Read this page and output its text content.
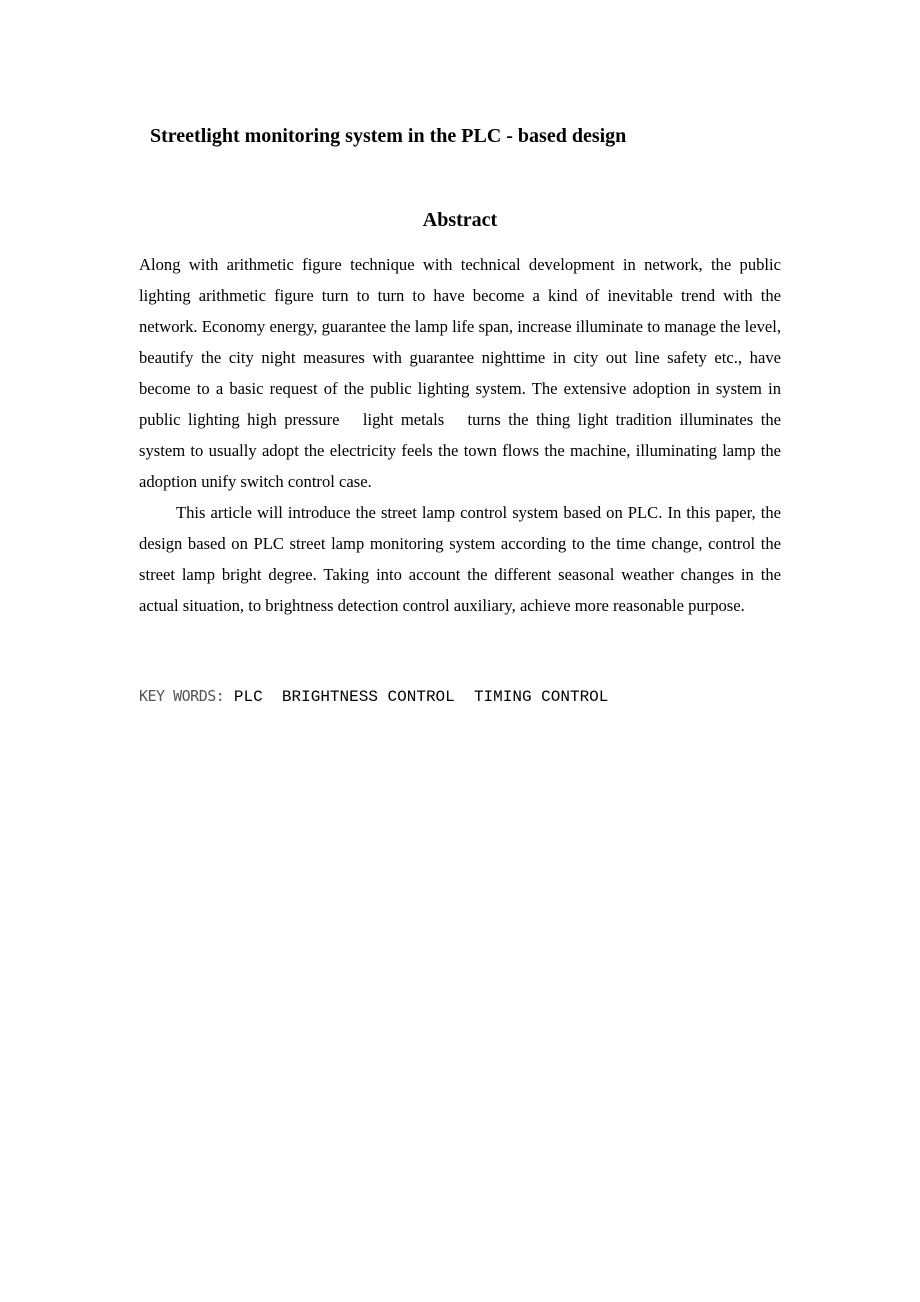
Streetlight monitoring system in the PLC - based design
Abstract

Along with arithmetic figure technique with technical development in network, the public lighting arithmetic figure turn to turn to have become a kind of inevitable trend with the network. Economy energy, guarantee the lamp life span, increase illuminate to manage the level, beautify the city night measures with guarantee nighttime in city out line safety etc., have become to a basic request of the public lighting system. The extensive adoption in system in public lighting high pressure　light metals　turns the thing light tradition illuminates the system to usually adopt the electricity feels the town flows the machine, illuminating lamp the adoption unify switch control case.

This article will introduce the street lamp control system based on PLC. In this paper, the design based on PLC street lamp monitoring system according to the time change, control the street lamp bright degree. Taking into account the different seasonal weather changes in the actual situation, to brightness detection control auxiliary, achieve more reasonable purpose.

KEY WORDS: PLC  BRIGHTNESS CONTROL  TIMING CONTROL
